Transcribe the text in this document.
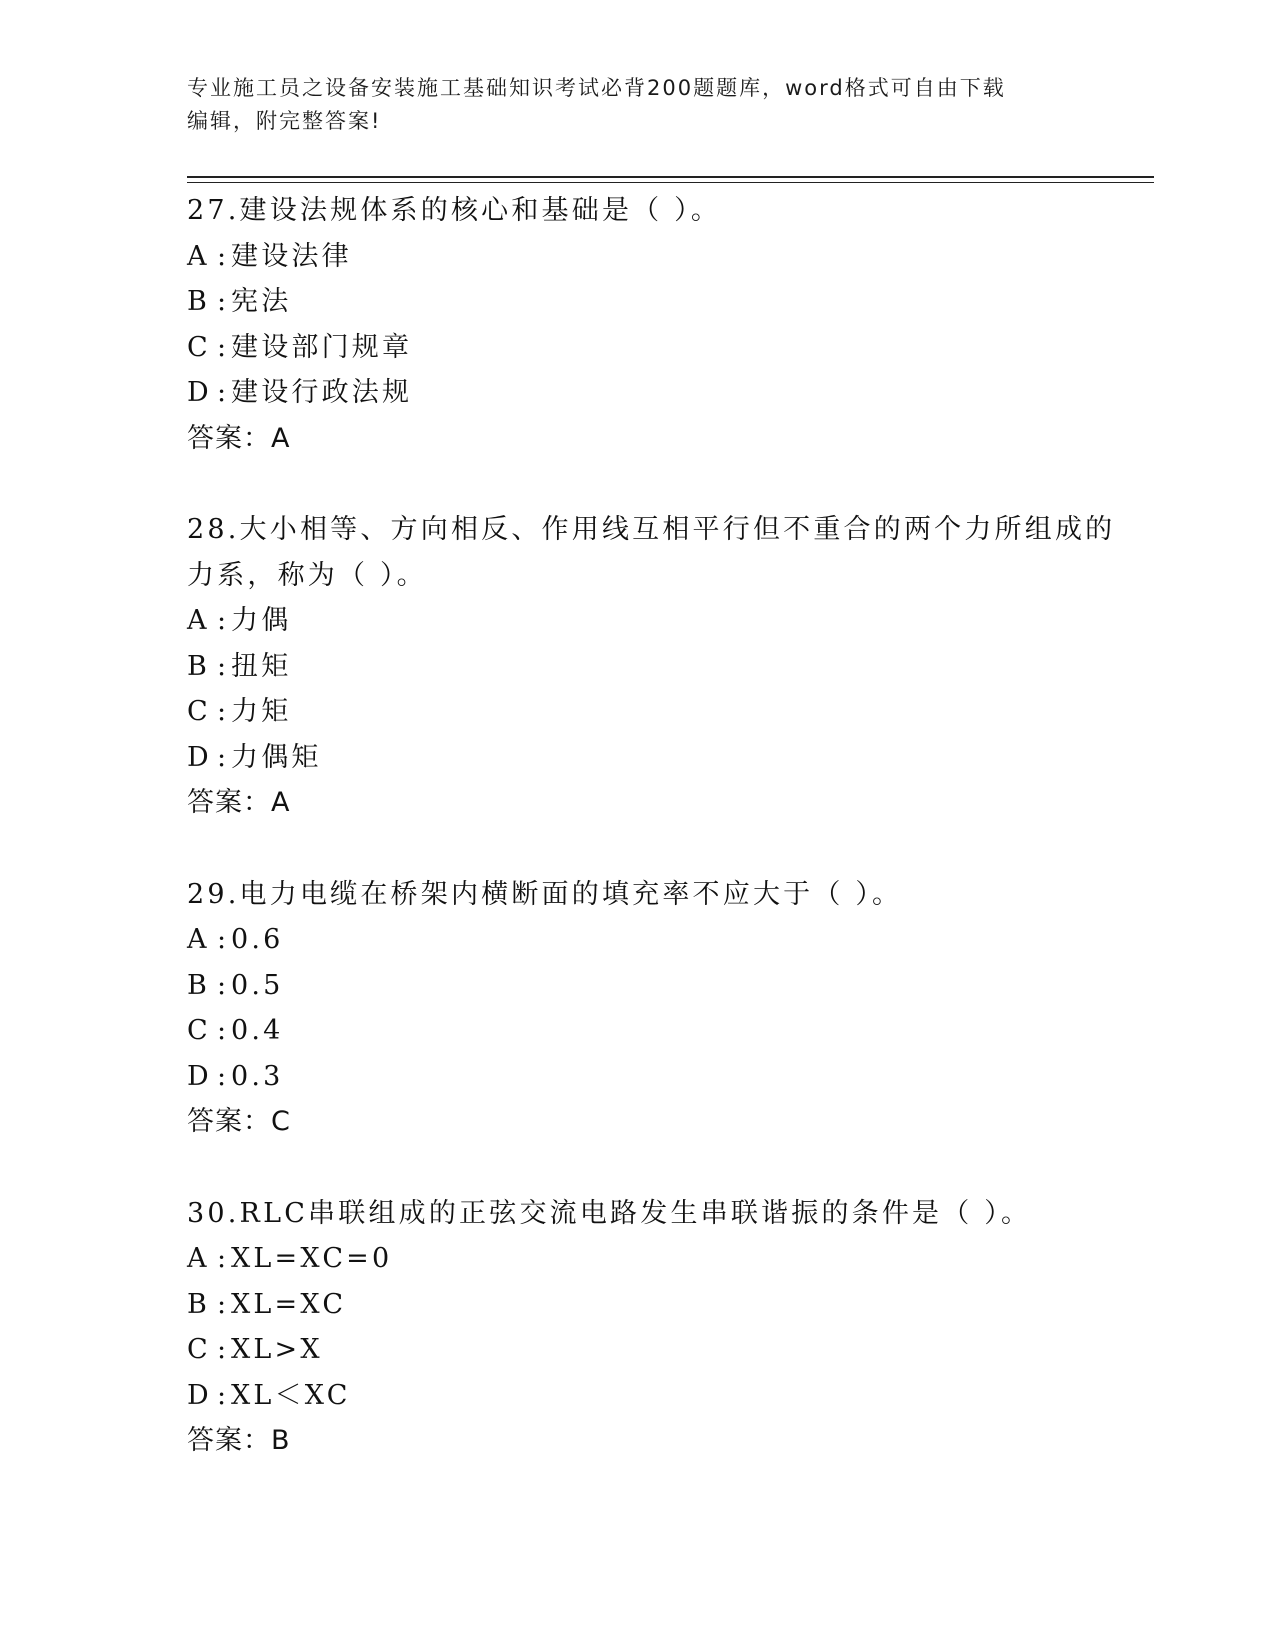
专业施工员之设备安装施工基础知识考试必背200题题库，word格式可自由下载
编辑，附完整答案!
27.建设法规体系的核心和基础是（ ）。
A :建设法律
B :宪法
C :建设部门规章
D :建设行政法规
答案：A
28.大小相等、方向相反、作用线互相平行但不重合的两个力所组成的
力系，称为（ ）。
A :力偶
B :扭矩
C :力矩
D :力偶矩
答案：A
29.电力电缆在桥架内横断面的填充率不应大于（ ）。
A :0.6
B :0.5
C :0.4
D :0.3
答案：C
30.RLC串联组成的正弦交流电路发生串联谐振的条件是（ ）。
A :XL=XC=0
B :XL=XC
C :XL>X
D :XL＜XC
答案：B
